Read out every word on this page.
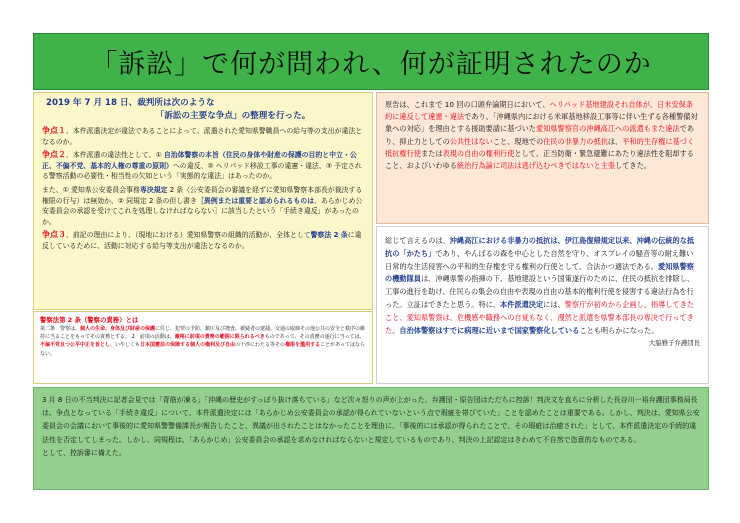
「訴訟」で何が問われ、何が証明されたのか
2019 年 7 月 18 日、裁判所は次のような
「訴訟の主要な争点」の整理を行った。

争点１、本件派遣決定が違法であることによって、派遣された愛知県警職員への給与等の支出が違法となるのか。

争点２、本件派遣の違法性として、① 自治体警察の本旨（住民の身体や財産の保護の目的と中立・公正、不偏不党、基本的人権の尊重の原則）への違反、② ヘリパッド移設工事の違憲・違法、③ 予定される警察活動の必要性・相当性の欠如という「実態的な違法」はあったのか。

また、① 愛知県公安委員会事務専決規定 2 条（公安委員会の審議を経ずに愛知県警察本部長が裁決する権限の行与）は無効か、② 同規定 2 条の但し書き［異例または重要と認められるものは、あらかじめ公安委員会の承認を受けてこれを処理しなければならない］に該当したという「手続き違反」があったのか。

争点３、前記の理由により、（現地における）愛知県警察の組織的活動が、全体として警察法 2 条に違反しているために、活動に対応する給与等支出が違法となるのか。

警察法第 2 条（警察の責務）とは
第二条　警察は、個人の生命、身体及び財産の保護に任じ、犯罪の予防、鎮圧及び捜査、被疑者の逮捕、交通の取締その他公共の安全と秩序の維持に当ることをもってその責務とする。 2　前項の活動は、厳格に前項の責務の範囲に限られるべきものであって、その責務の遂行に当っては、不偏不党且つ公平中正を旨とし、いやしくも日本国憲法の保障する個人の権利及び自由の干渉にわたる等その権限を濫用することがあってはならない。
原告は、これまで 10 回の口頭弁論期日において、ヘリパッド基地建設それ自体が、日米安保条約に違反して違憲・違法であり、「沖縄県内における米軍基地移設工事等に伴い生ずる各種警備対象への対応」を理由とする援助要請に基づいた愛知県警察官の沖縄高江への派遣もまた違法であり、抑止力としての公共性はないこと、現地での住民の非暴力の抵抗は、平和的生存権に基づく抵抗権行使または表現の自由の権利行使として、正当防衛・緊急避難にあたり違法性を阻却すること、およびいわゆる統治行為論に司法は逃げ込むべきではないと主張してきた。
総じて言えるのは、沖縄高江における非暴力の抵抗は、伊江島復帰規定以来、沖縄の伝統的な抵抗の「かたち」であり、やんばるの森を中心とした自然を守り、オスプレイの騒音等の耐え難い日常的な生活侵害への平和的生存権を守る権利の行使として、合法かつ適法である。愛知県警察の機動隊員は、沖縄県警の指揮の下、基地建設という国策遂行のために、住民の抵抗を排除し、工事の進行を助け、住民らの集会の自由や表現の自由の基本的権利行使を侵害する違法行為を行った。立証はできたと思う。特に、本件派遣決定には、警察庁が初めから企画し、指導してきたこと、愛知県警察は、危機感や職務への自覚もなく、漫然と派遣を県警本部長の専決で行ってきた。自治体警察はすでに病理に近いまで国家警察化していることも明らかになった。
大脇雅子弁護団長
3 月 8 日の不当判決に記者会見では「背筋が凍る」「沖縄の歴史がすっぽり抜け落ちている」など次々怒りの声が上がった。弁護団・原告団はただちに控訴！判決文を直ちに分析した長谷川一裕弁護団事務局長は、争点となっている「手続き違反」について、本件派遣決定には「あらかじめ公安委員会の承認が得られていないという点で瑕疵を帯びていた」ことを認めたことは重要である。しかし、判決は、愛知県公安委員会の会議において事後的に愛知県警警備課長が報告したこと、異議が出されたことはなかったことを理由に、「事後的には承認が得られたことで、その瑕疵は治癒された」として、本件派遣決定の手続的違法性を否定してしまった。しかし、同規程は、「あらかじめ」公安委員会の承認を求めなければならないと規定しているものであり、判決の上記認定はきわめて不自然で恣意的なものである。
として、控訴審に備えた。
